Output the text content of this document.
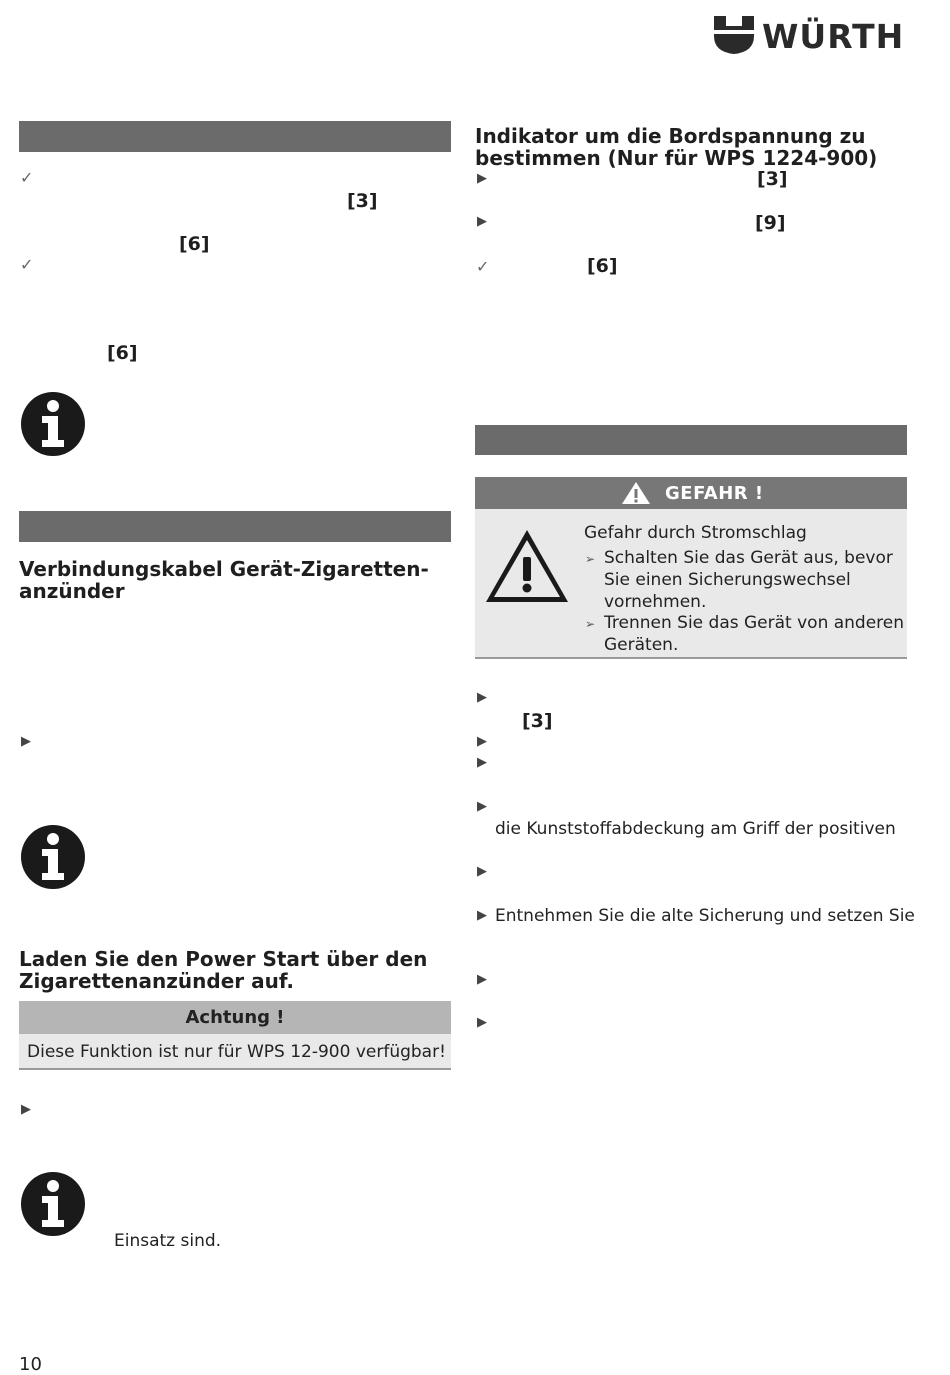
WÜRTH
✓
[3]
[6]
✓
[6]
Verbindungskabel Gerät-Zigaretten-
anzünder
▶
Laden Sie den Power Start über den
Zigarettenanzünder auf.
Achtung !
Diese Funktion ist nur für WPS 12-900 verfügbar!
▶
Einsatz sind.
10
Indikator um die Bordspannung zu
bestimmen (Nur für WPS 1224-900)
▶	[3]
▶	[9]
✓	[6]
GEFAHR !
Gefahr durch Stromschlag
➢ Schalten Sie das Gerät aus, bevor
Sie einen Sicherungswechsel
vornehmen.
➢ Trennen Sie das Gerät von anderen
Geräten.
▶
[3]
▶
▶
▶
die Kunststoffabdeckung am Griff der positiven
▶
▶ Entnehmen Sie die alte Sicherung und setzen Sie
▶
▶
